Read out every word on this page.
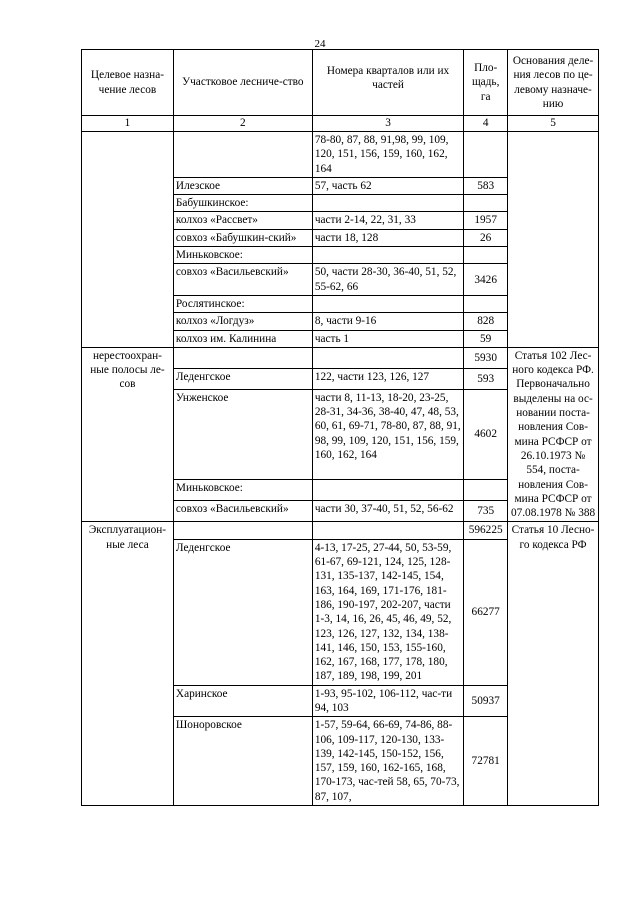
24
Целевое назна-чение лесов	Участковое лесниче-ство	Номера кварталов или их частей	Пло-щадь, га	Основания деле-ния лесов по це-левому назначе-нию
1	2	3	4	5
		78-80, 87, 88, 91,98, 99, 109, 120, 151, 156, 159, 160, 162, 164		
	Илезское	57, часть 62	583	
	Бабушкинское:			
	колхоз «Рассвет»	части 2-14, 22, 31, 33	1957	
	совхоз «Бабушкин-ский»	части 18, 128	26	
	Миньковское:			
	совхоз «Васильевский»	50, части 28-30, 36-40, 51, 52, 55-62, 66	3426	
	Рослятинское:			
	колхоз «Логдуз»	8, части 9-16	828	
	колхоз им. Калинина	часть 1	59	
нерестоохран-ные полосы ле-сов			5930	Статья 102 Лес-ного кодекса РФ. Первоначально выделены на ос-новании поста-новления Сов-мина РСФСР от 26.10.1973 № 554, поста-новления Сов-мина РСФСР от 07.08.1978 № 388
	Леденгское	122, части 123, 126, 127	593	
	Унженское	части 8, 11-13, 18-20, 23-25, 28-31, 34-36, 38-40, 47, 48, 53, 60, 61, 69-71, 78-80, 87, 88, 91, 98, 99, 109, 120, 151, 156, 159, 160, 162, 164	4602	
	Миньковское:			
	совхоз «Васильевский»	части 30, 37-40, 51, 52, 56-62	735	
Эксплуатацион-ные леса			596225	Статья 10 Лесно-го кодекса РФ
	Леденгское	4-13, 17-25, 27-44, 50, 53-59, 61-67, 69-121, 124, 125, 128-131, 135-137, 142-145, 154, 163, 164, 169, 171-176, 181-186, 190-197, 202-207, части 1-3, 14, 16, 26, 45, 46, 49, 52, 123, 126, 127, 132, 134, 138-141, 146, 150, 153, 155-160, 162, 167, 168, 177, 178, 180, 187, 189, 198, 199, 201	66277	
	Харинское	1-93, 95-102, 106-112, час-ти 94, 103	50937	
	Шоноровское	1-57, 59-64, 66-69, 74-86, 88-106, 109-117, 120-130, 133-139, 142-145, 150-152, 156, 157, 159, 160, 162-165, 168, 170-173, час-тей 58, 65, 70-73, 87, 107,	72781	
